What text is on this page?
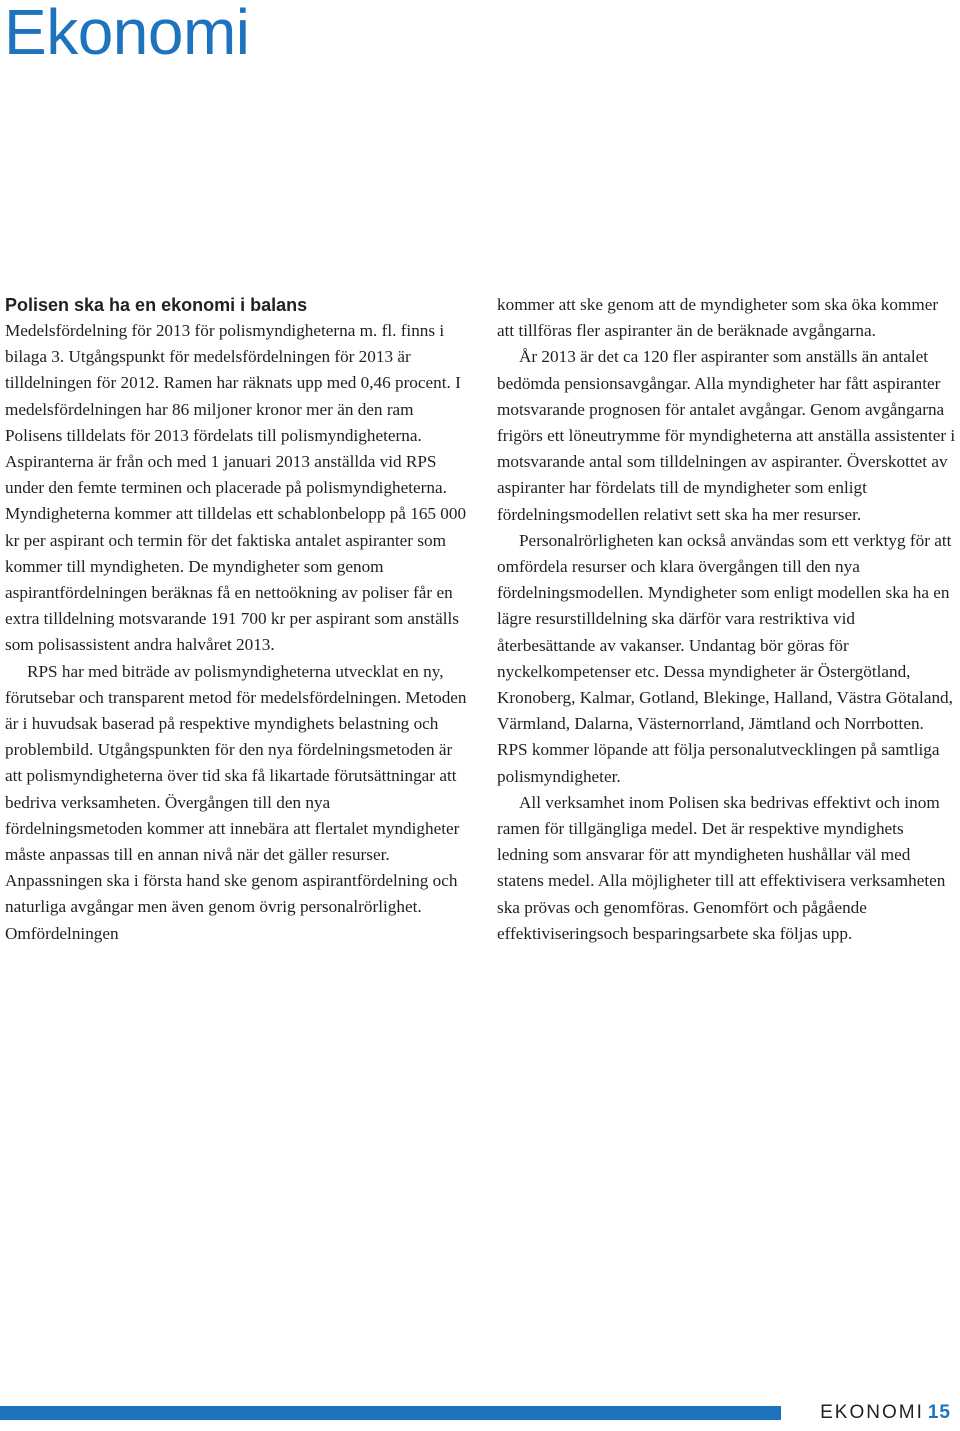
Ekonomi
Polisen ska ha en ekonomi i balans

Medelsfördelning för 2013 för polismyndigheterna m. fl. finns i bilaga 3. Utgångspunkt för medelsfördelningen för 2013 är tilldelningen för 2012. Ramen har räknats upp med 0,46 procent. I medelsfördelningen har 86 miljoner kronor mer än den ram Polisens tilldelats för 2013 fördelats till polismyndigheterna. Aspiranterna är från och med 1 januari 2013 anställda vid RPS under den femte terminen och placerade på polismyndigheterna. Myndigheterna kommer att tilldelas ett schablonbelopp på 165 000 kr per aspirant och termin för det faktiska antalet aspiranter som kommer till myndigheten. De myndigheter som genom aspirantfördelningen beräknas få en nettoökning av poliser får en extra tilldelning motsvarande 191 700 kr per aspirant som anställs som polisassistent andra halvåret 2013.

RPS har med biträde av polismyndigheterna utvecklat en ny, förutsebar och transparent metod för medelsfördelningen. Metoden är i huvudsak baserad på respektive myndighets belastning och problembild. Utgångspunkten för den nya fördelningsmetoden är att polismyndigheterna över tid ska få likartade förutsättningar att bedriva verksamheten. Övergången till den nya fördelningsmetoden kommer att innebära att flertalet myndigheter måste anpassas till en annan nivå när det gäller resurser. Anpassningen ska i första hand ske genom aspirantfördelning och naturliga avgångar men även genom övrig personalrörlighet. Omfördelningen

kommer att ske genom att de myndigheter som ska öka kommer att tillföras fler aspiranter än de beräknade avgångarna.

År 2013 är det ca 120 fler aspiranter som anställs än antalet bedömda pensionsavgångar. Alla myndigheter har fått aspiranter motsvarande prognosen för antalet avgångar. Genom avgångarna frigörs ett löneutrymme för myndigheterna att anställa assistenter i motsvarande antal som tilldelningen av aspiranter. Överskottet av aspiranter har fördelats till de myndigheter som enligt fördelningsmodellen relativt sett ska ha mer resurser.

Personalrörligheten kan också användas som ett verktyg för att omfördela resurser och klara övergången till den nya fördelningsmodellen. Myndigheter som enligt modellen ska ha en lägre resurstilldelning ska därför vara restriktiva vid återbesättande av vakanser. Undantag bör göras för nyckelkompetenser etc. Dessa myndigheter är Östergötland, Kronoberg, Kalmar, Gotland, Blekinge, Halland, Västra Götaland, Värmland, Dalarna, Västernorrland, Jämtland och Norrbotten. RPS kommer löpande att följa personalutvecklingen på samtliga polismyndigheter.

All verksamhet inom Polisen ska bedrivas effektivt och inom ramen för tillgängliga medel. Det är respektive myndighets ledning som ansvarar för att myndigheten hushållar väl med statens medel. Alla möjligheter till att effektivisera verksamheten ska prövas och genomföras. Genomfört och pågående effektiviseringsoch besparingsarbete ska följas upp.

EKONOMI 15
